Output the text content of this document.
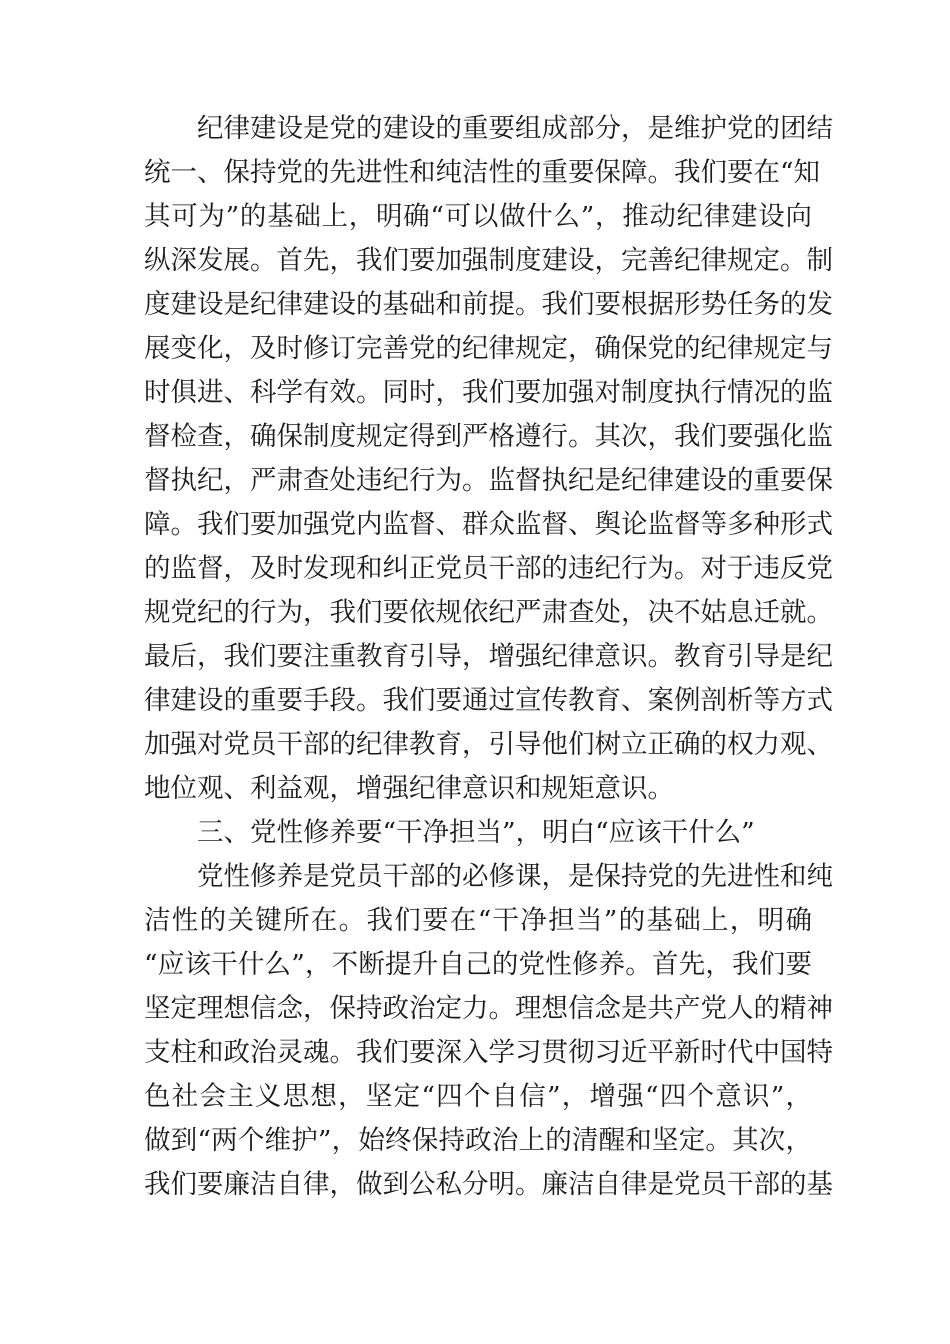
纪律建设是党的建设的重要组成部分，是维护党的团结
统一、保持党的先进性和纯洁性的重要保障。我们要在“知
其可为”的基础上，明确“可以做什么”，推动纪律建设向
纵深发展。首先，我们要加强制度建设，完善纪律规定。制
度建设是纪律建设的基础和前提。我们要根据形势任务的发
展变化，及时修订完善党的纪律规定，确保党的纪律规定与
时俱进、科学有效。同时，我们要加强对制度执行情况的监
督检查，确保制度规定得到严格遵行。其次，我们要强化监
督执纪，严肃查处违纪行为。监督执纪是纪律建设的重要保
障。我们要加强党内监督、群众监督、舆论监督等多种形式
的监督，及时发现和纠正党员干部的违纪行为。对于违反党
规党纪的行为，我们要依规依纪严肃查处，决不姑息迁就。
最后，我们要注重教育引导，增强纪律意识。教育引导是纪
律建设的重要手段。我们要通过宣传教育、案例剖析等方式
加强对党员干部的纪律教育，引导他们树立正确的权力观、
地位观、利益观，增强纪律意识和规矩意识。
三、党性修养要“干净担当”，明白“应该干什么”
党性修养是党员干部的必修课，是保持党的先进性和纯
洁性的关键所在。我们要在“干净担当”的基础上，明确
“应该干什么”，不断提升自己的党性修养。首先，我们要
坚定理想信念，保持政治定力。理想信念是共产党人的精神
支柱和政治灵魂。我们要深入学习贯彻习近平新时代中国特
色社会主义思想，坚定“四个自信”，增强“四个意识”，
做到“两个维护”，始终保持政治上的清醒和坚定。其次，
我们要廉洁自律，做到公私分明。廉洁自律是党员干部的基
